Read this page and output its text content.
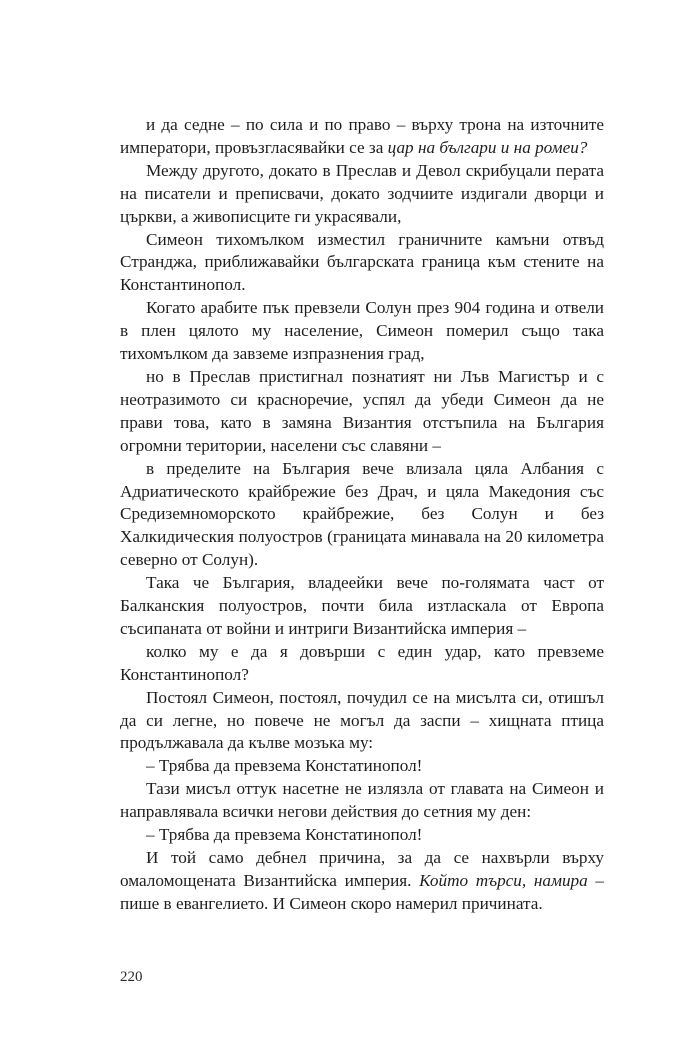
и да седне – по сила и по право – върху трона на източните императори, провъзгласявайки се за цар на българи и на ромеи?

Между другото, докато в Преслав и Девол скрибуцали перата на писатели и преписвачи, докато зодчиите издигали дворци и църкви, а живописците ги украсявали,

Симеон тихомълком изместил граничните камъни отвъд Странджа, приближавайки българската граница към стените на Константинопол.

Когато арабите пък превзели Солун през 904 година и отвели в плен цялото му население, Симеон померил също така тихомълком да завземе изпразнения град,

но в Преслав пристигнал познатият ни Лъв Магистър и с неотразимото си красноречие, успял да убеди Симеон да не прави това, като в замяна Византия отстъпила на България огромни територии, населени със славяни –

в пределите на България вече влизала цяла Албания с Адриатическото крайбрежие без Драч, и цяла Македония със Средиземноморското крайбрежие, без Солун и без Халкидическия полуостров (границата минавала на 20 километра северно от Солун).

Така че България, владеейки вече по-голямата част от Балканския полуостров, почти била изтласкала от Европа съсипаната от войни и интриги Византийска империя –

колко му е да я довърши с един удар, като превземе Константинопол?

Постоял Симеон, постоял, почудил се на мисълта си, отишъл да си легне, но повече не могъл да заспи – хищната птица продължавала да кълве мозъка му:

– Трябва да превзема Констатинопол!

Тази мисъл оттук насетне не излязла от главата на Симеон и направлявала всички негови действия до сетния му ден:

– Трябва да превзема Констатинопол!

И той само дебнел причина, за да се нахвърли върху омаломощената Византийска империя. Който търси, намира – пише в евангелието. И Симеон скоро намерил причината.

220
